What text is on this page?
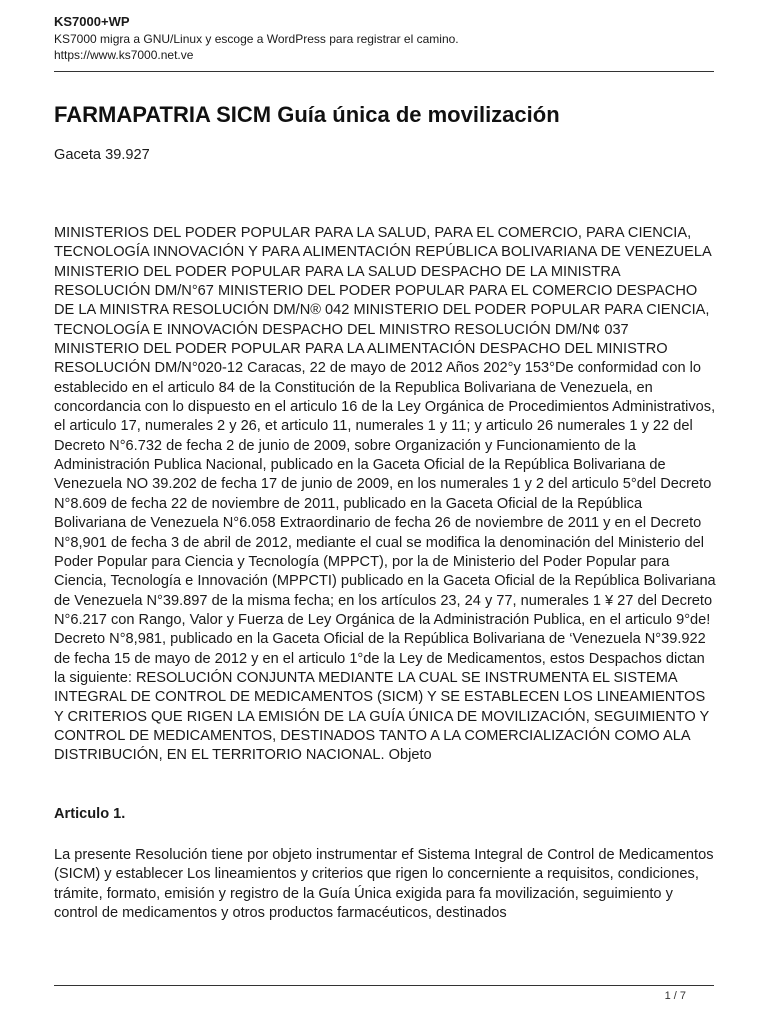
KS7000+WP
KS7000 migra a GNU/Linux y escoge a WordPress para registrar el camino.
https://www.ks7000.net.ve
FARMAPATRIA SICM Guía única de movilización

Gaceta 39.927

MINISTERIOS DEL PODER POPULAR PARA LA SALUD, PARA EL COMERCIO, PARA CIENCIA, TECNOLOGÍA INNOVACIÓN Y PARA ALIMENTACIÓN REPÚBLICA BOLIVARIANA DE VENEZUELA MINISTERIO DEL PODER POPULAR PARA LA SALUD DESPACHO DE LA MINISTRA RESOLUCIÓN DM/N°67 MINISTERIO DEL PODER POPULAR PARA EL COMERCIO DESPACHO DE LA MINISTRA RESOLUCIÓN DM/N® 042 MINISTERIO DEL PODER POPULAR PARA CIENCIA, TECNOLOGÍA E INNOVACIÓN DESPACHO DEL MINISTRO RESOLUCIÓN DM/N¢ 037 MINISTERIO DEL PODER POPULAR PARA LA ALIMENTACIÓN DESPACHO DEL MINISTRO RESOLUCIÓN DM/N°020-12 Caracas, 22 de mayo de 2012 Años 202°y 153°De conformidad con lo establecido en el articulo 84 de la Constitución de la Republica Bolivariana de Venezuela, en concordancia con lo dispuesto en el articulo 16 de la Ley Orgánica de Procedimientos Administrativos, el articulo 17, numerales 2 y 26, et articulo 11, numerales 1 y 11; y articulo 26 numerales 1 y 22 del Decreto N°6.732 de fecha 2 de junio de 2009, sobre Organización y Funcionamiento de la Administración Publica Nacional, publicado en la Gaceta Oficial de la República Bolivariana de Venezuela NO 39.202 de fecha 17 de junio de 2009, en los numerales 1 y 2 del articulo 5°del Decreto N°8.609 de fecha 22 de noviembre de 2011, publicado en la Gaceta Oficial de la República Bolivariana de Venezuela N°6.058 Extraordinario de fecha 26 de noviembre de 2011 y en el Decreto N°8,901 de fecha 3 de abril de 2012, mediante el cual se modifica la denominación del Ministerio del Poder Popular para Ciencia y Tecnología (MPPCT), por la de Ministerio del Poder Popular para Ciencia, Tecnología e Innovación (MPPCTI) publicado en la Gaceta Oficial de la República Bolivariana de Venezuela N°39.897 de la misma fecha; en los artículos 23, 24 y 77, numerales 1 ¥ 27 del Decreto N°6.217 con Rango, Valor y Fuerza de Ley Orgánica de la Administración Publica, en el articulo 9°de! Decreto N°8,981, publicado en la Gaceta Oficial de la República Bolivariana de ‘Venezuela N°39.922 de fecha 15 de mayo de 2012 y en el articulo 1°de la Ley de Medicamentos, estos Despachos dictan la siguiente: RESOLUCIÓN CONJUNTA MEDIANTE LA CUAL SE INSTRUMENTA EL SISTEMA INTEGRAL DE CONTROL DE MEDICAMENTOS (SICM) Y SE ESTABLECEN LOS LINEAMIENTOS Y CRITERIOS QUE RIGEN LA EMISIÓN DE LA GUÍA ÚNICA DE MOVILIZACIÓN, SEGUIMIENTO Y CONTROL DE MEDICAMENTOS, DESTINADOS TANTO A LA COMERCIALIZACIÓN COMO ALA DISTRIBUCIÓN, EN EL TERRITORIO NACIONAL. Objeto

Articulo 1.

La presente Resolución tiene por objeto instrumentar ef Sistema Integral de Control de Medicamentos (SICM) y establecer Los lineamientos y criterios que rigen lo concerniente a requisitos, condiciones, trámite, formato, emisión y registro de la Guía Única exigida para fa movilización, seguimiento y control de medicamentos y otros productos farmacéuticos, destinados

1 / 7
